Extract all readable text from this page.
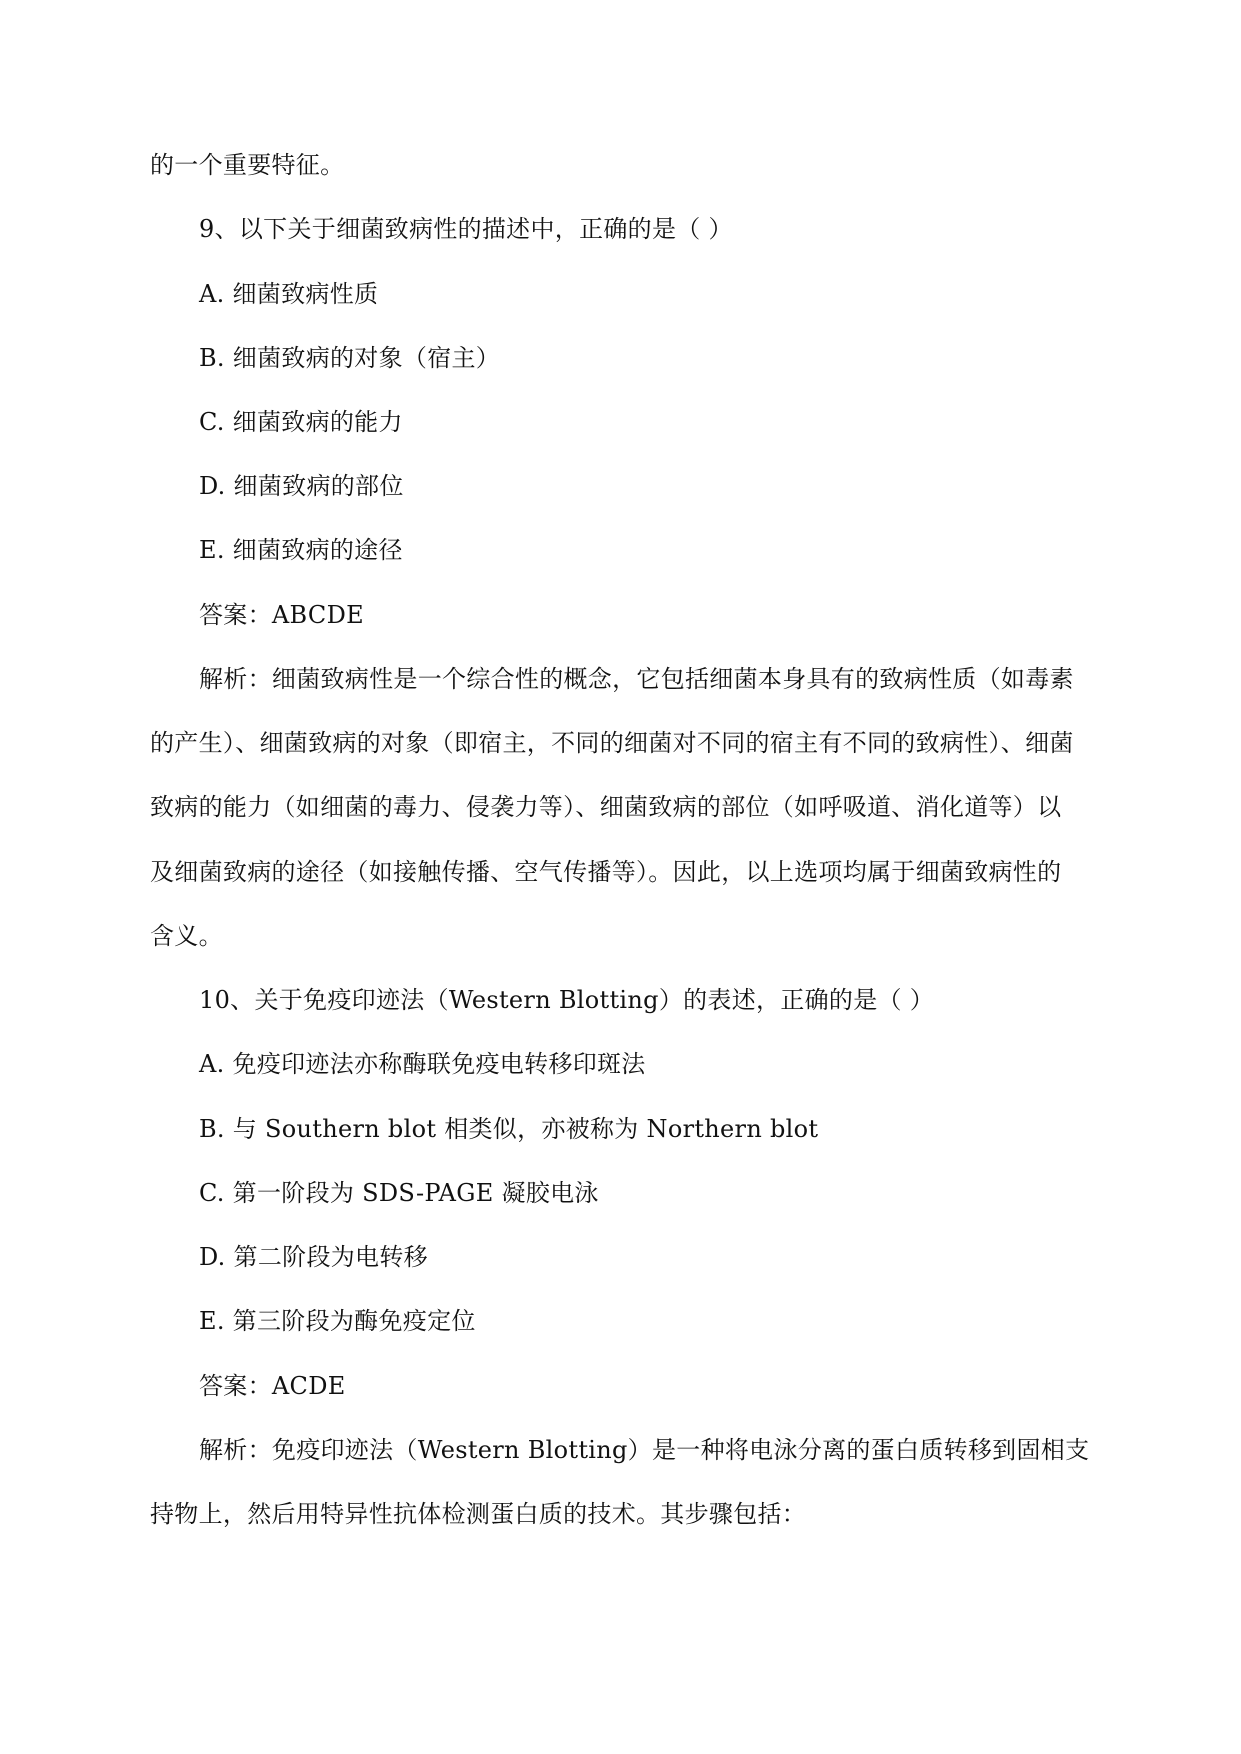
的一个重要特征。
9、以下关于细菌致病性的描述中，正确的是（ ）
A. 细菌致病性质
B. 细菌致病的对象（宿主）
C. 细菌致病的能力
D. 细菌致病的部位
E. 细菌致病的途径
答案：ABCDE
解析：细菌致病性是一个综合性的概念，它包括细菌本身具有的致病性质（如毒素
的产生）、细菌致病的对象（即宿主，不同的细菌对不同的宿主有不同的致病性）、细菌
致病的能力（如细菌的毒力、侵袭力等）、细菌致病的部位（如呼吸道、消化道等）以
及细菌致病的途径（如接触传播、空气传播等）。因此，以上选项均属于细菌致病性的
含义。
10、关于免疫印迹法（Western Blotting）的表述，正确的是（ ）
A. 免疫印迹法亦称酶联免疫电转移印斑法
B. 与 Southern blot 相类似，亦被称为 Northern blot
C. 第一阶段为 SDS-PAGE 凝胶电泳
D. 第二阶段为电转移
E. 第三阶段为酶免疫定位
答案：ACDE
解析：免疫印迹法（Western Blotting）是一种将电泳分离的蛋白质转移到固相支
持物上，然后用特异性抗体检测蛋白质的技术。其步骤包括：
